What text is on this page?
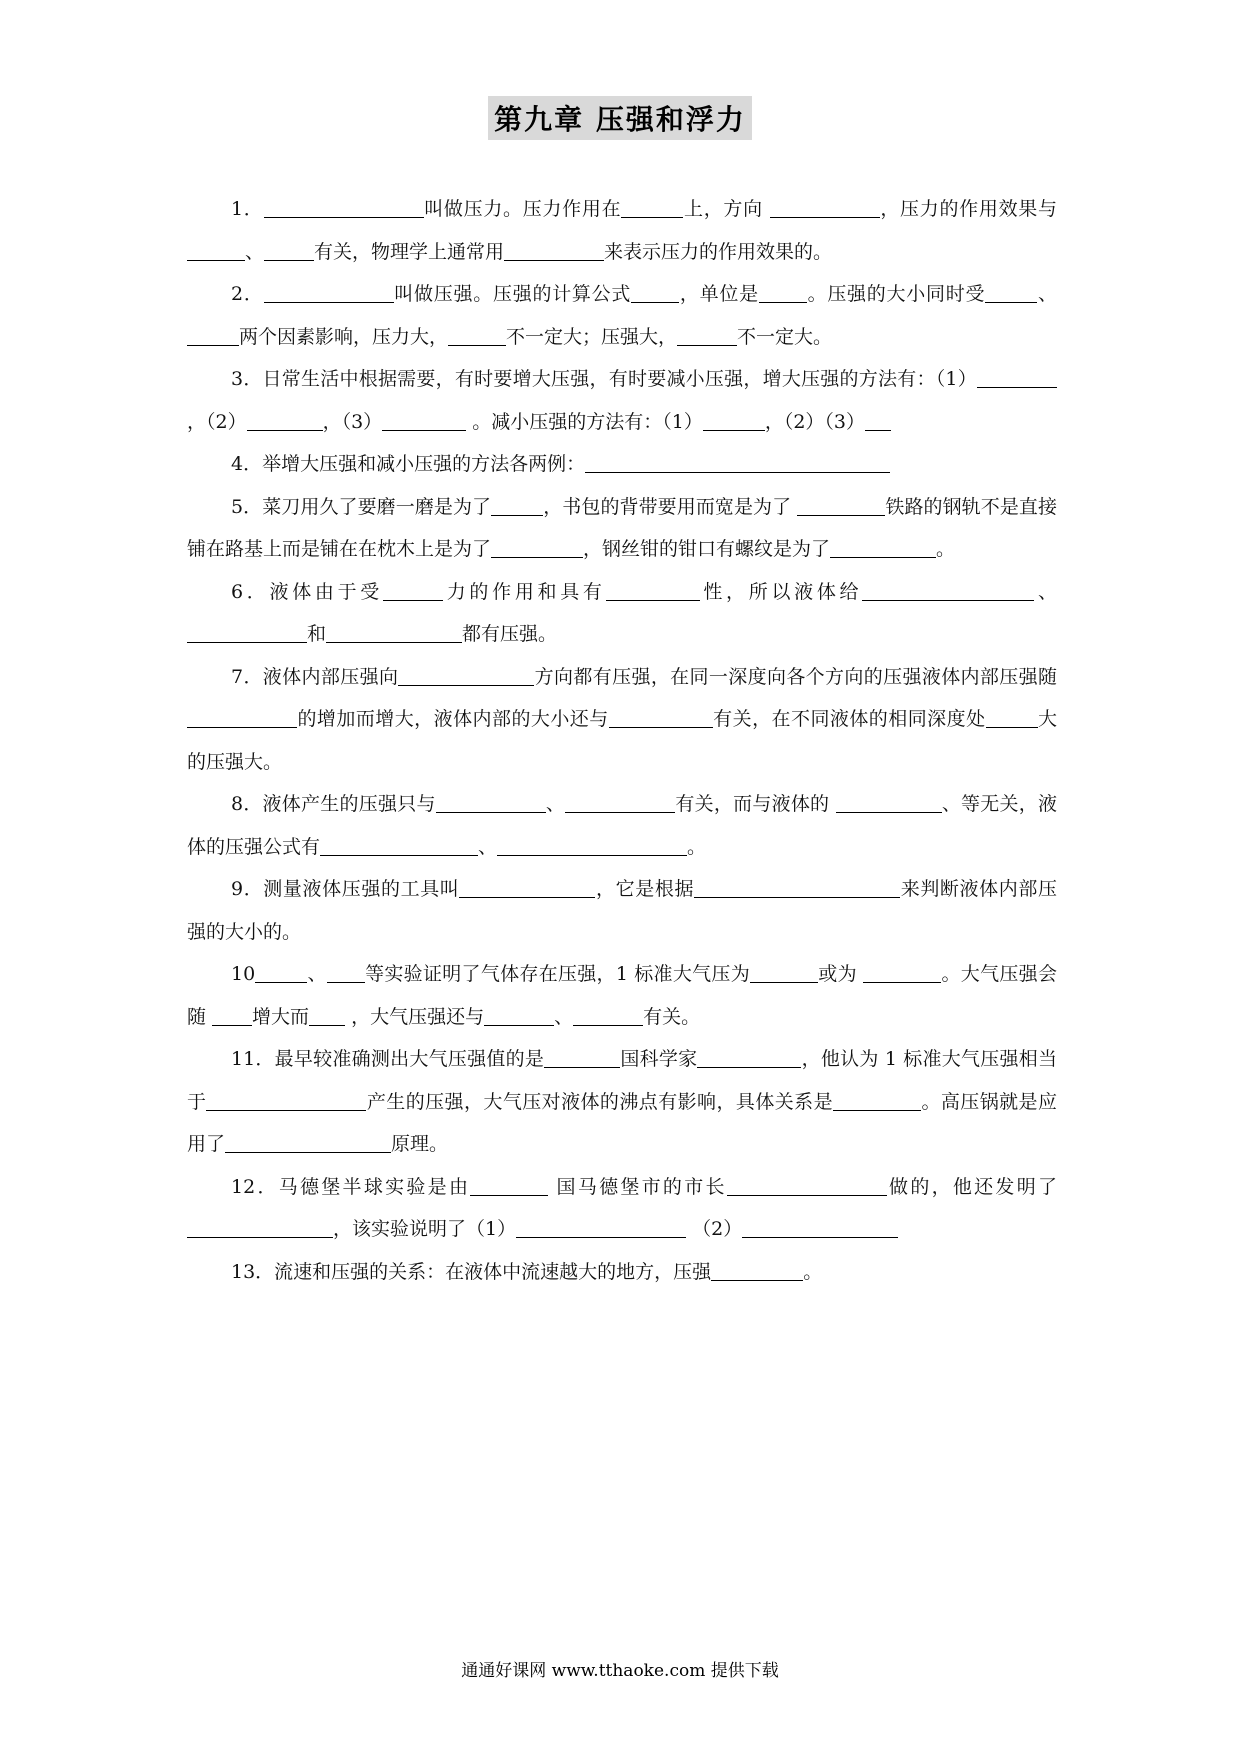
第九章 压强和浮力

1．	叫做压力。压力作用在	上，方向	，压力的作用效果与、	有关，物理学上通常用	来表示压力的作用效果的。

2．	叫做压强。压强的计算公式	，单位是	。压强的大小同时受	、两个因素影响，压力大，	不一定大；压强大，	不一定大。

3．日常生活中根据需要，有时要增大压强，有时要减小压强，增大压强的方法有：（1），（2）	，（3）	。减小压强的方法有：（1）	，（2）（3）

4．举增大压强和减小压强的方法各两例：

5．菜刀用久了要磨一磨是为了	，书包的背带要用而宽是为了	铁路的钢轨不是直接铺在路基上而是铺在在枕木上是为了	，钢丝钳的钳口有螺纹是为了	。

6．液体由于受	力的作用和具有	性，所以液体给	、和	都有压强。

7．液体内部压强向	方向都有压强，在同一深度向各个方向的压强液体内部压强随的增加而增大，液体内部的大小还与	有关，在不同液体的相同深度处	大的压强大。

8．液体产生的压强只与	、	有关，而与液体的	、等无关，液体的压强公式有	、	。

9．测量液体压强的工具叫	，它是根据	来判断液体内部压强的大小的。

10	、 等实验证明了气体存在压强，1 标准大气压为	或为	。大气压强会随 增大而 ，大气压强还与	、	有关。

11．最早较准确测出大气压强值的是	国科学家	，他认为 1 标准大气压强相当于	产生的压强，大气压对液体的沸点有影响，具体关系是	。高压锅就是应用了	原理。

12．马德堡半球实验是由	国马德堡市的市长	做的，他还发明了，该实验说明了（1）	（2）

13．流速和压强的关系：在液体中流速越大的地方，压强	。

通通好课网 www.tthaoke.com 提供下载
